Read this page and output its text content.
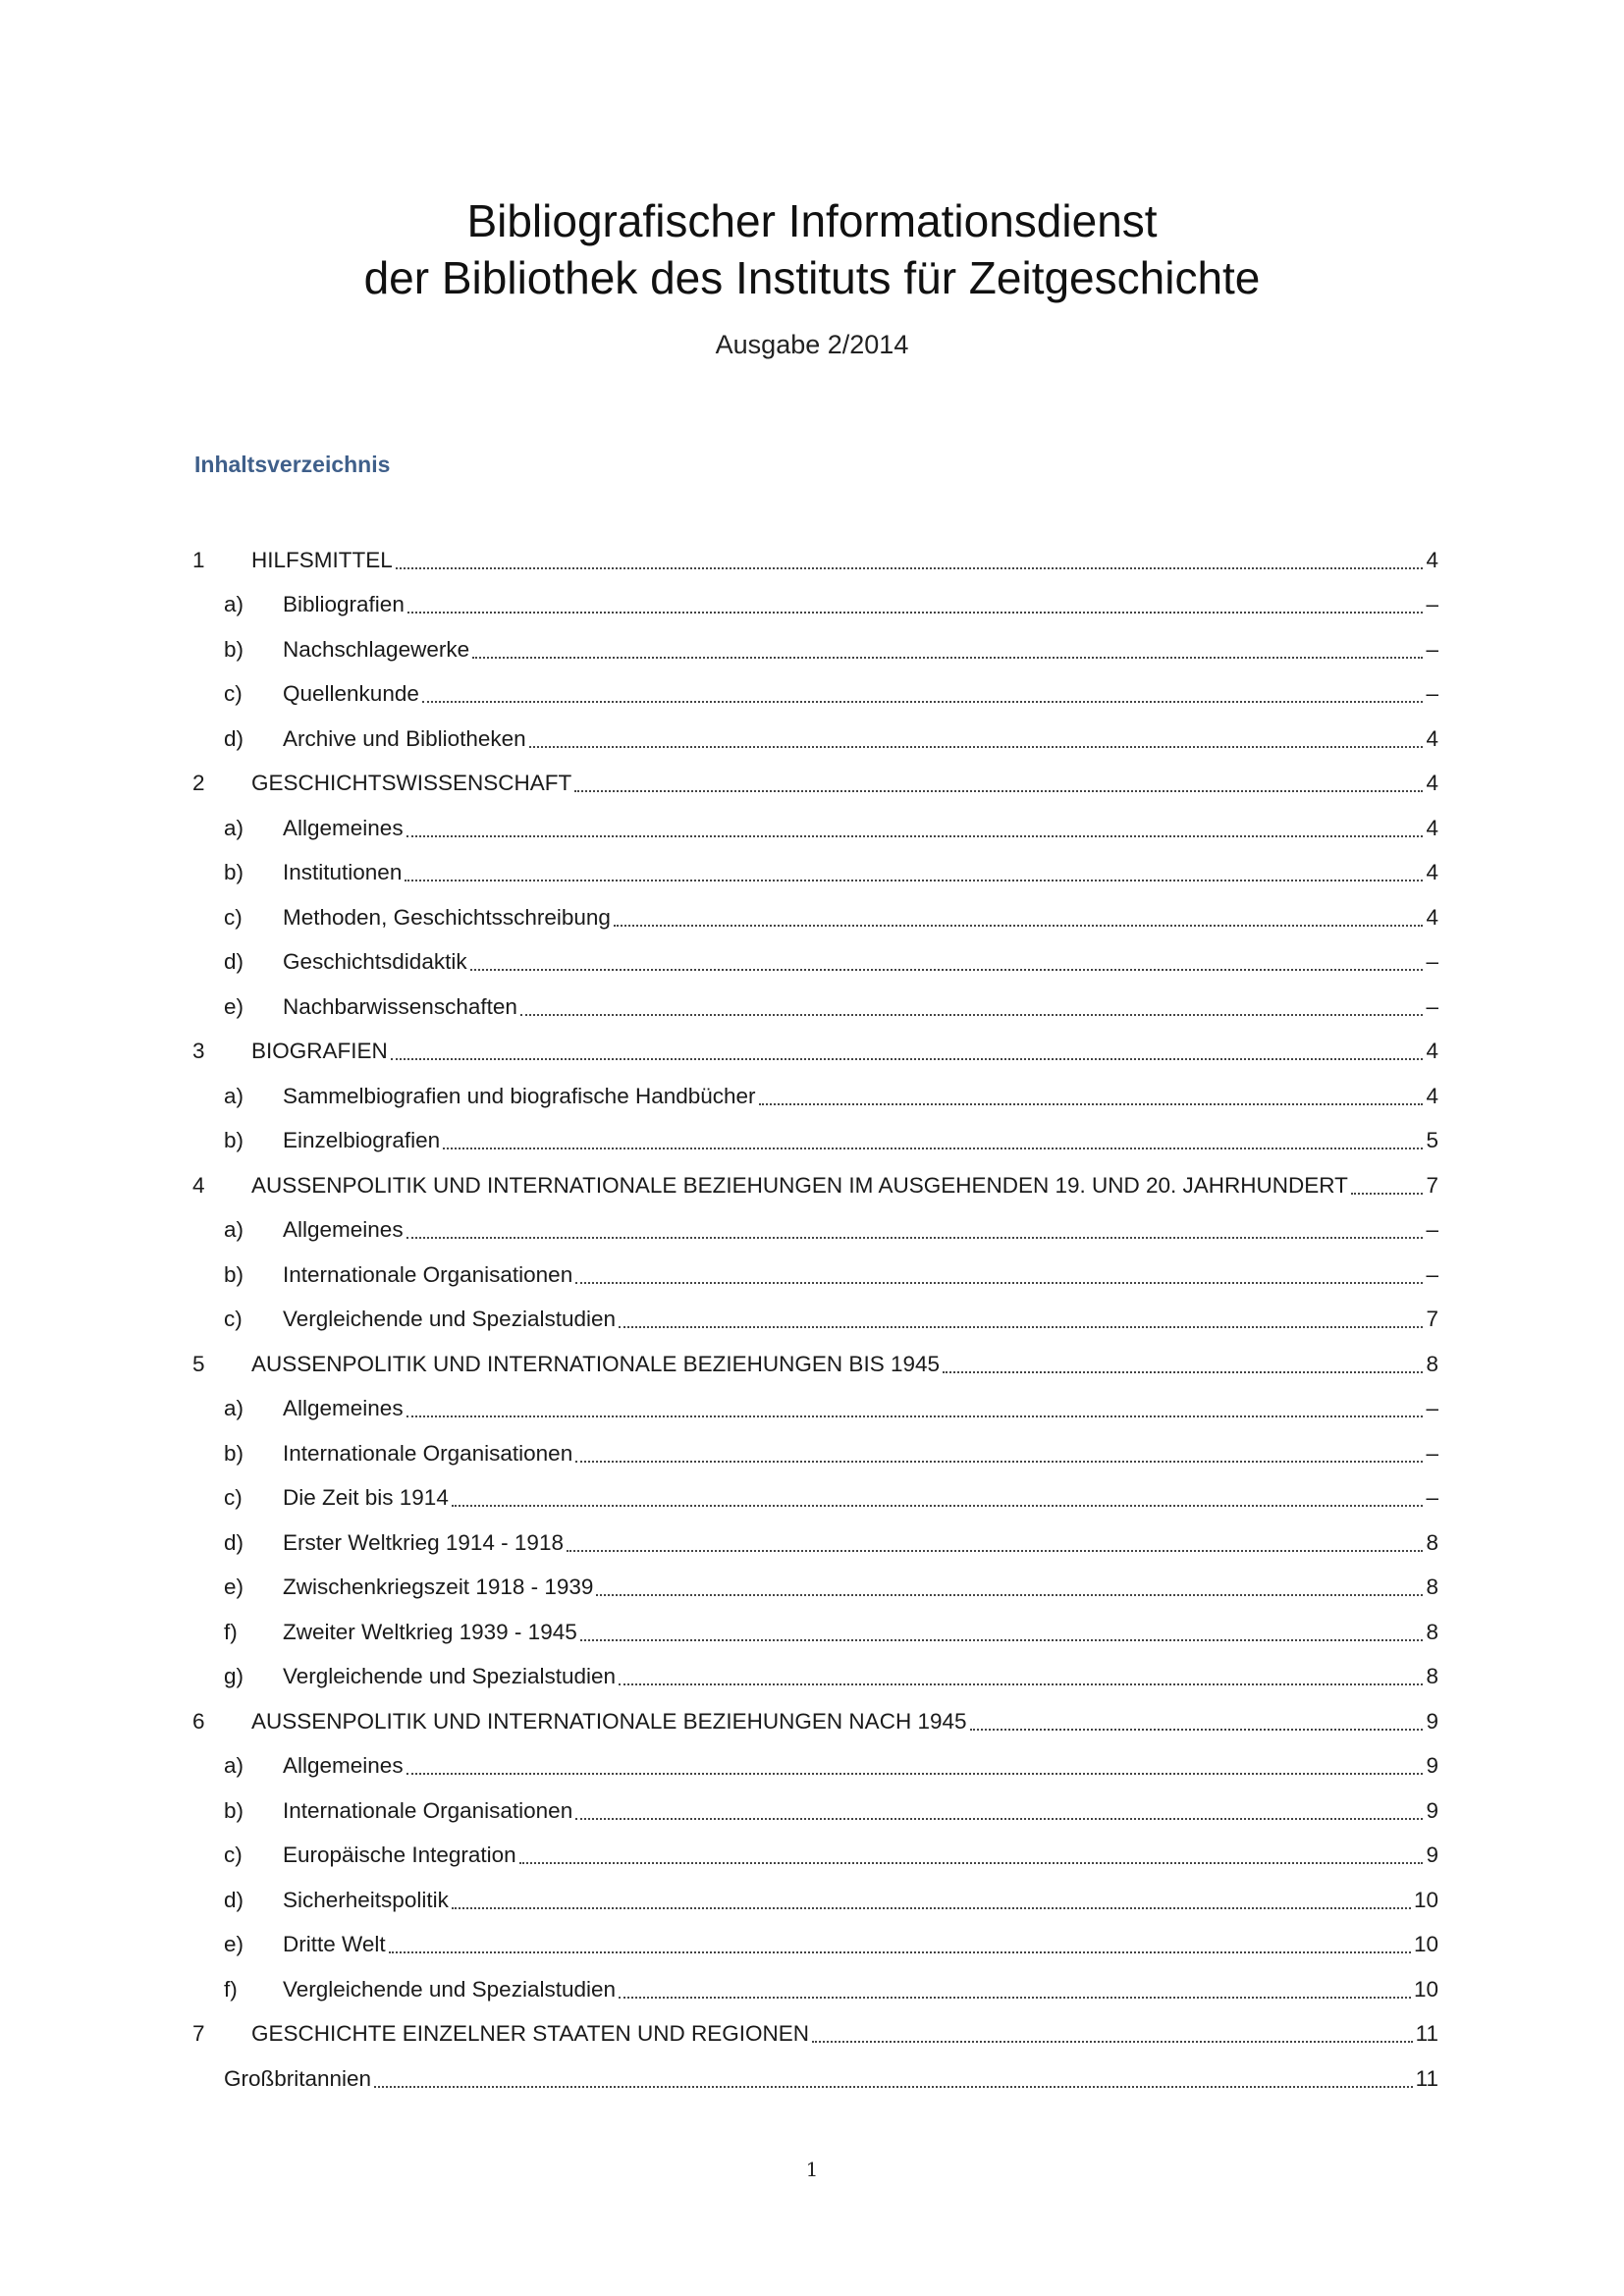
Bibliografischer Informationsdienst
der Bibliothek des Instituts für Zeitgeschichte
Ausgabe 2/2014
Inhaltsverzeichnis
1	HILFSMITTEL	4
a)	Bibliografien	–
b)	Nachschlagewerke	–
c)	Quellenkunde	–
d)	Archive und Bibliotheken	4
2	GESCHICHTSWISSENSCHAFT	4
a)	Allgemeines	4
b)	Institutionen	4
c)	Methoden, Geschichtsschreibung	4
d)	Geschichtsdidaktik	–
e)	Nachbarwissenschaften	–
3	BIOGRAFIEN	4
a)	Sammelbiografien und biografische Handbücher	4
b)	Einzelbiografien	5
4	AUSSENPOLITIK UND INTERNATIONALE BEZIEHUNGEN IM AUSGEHENDEN 19. UND 20. JAHRHUNDERT	7
a)	Allgemeines	–
b)	Internationale Organisationen	–
c)	Vergleichende und Spezialstudien	7
5	AUSSENPOLITIK UND INTERNATIONALE BEZIEHUNGEN BIS 1945	8
a)	Allgemeines	–
b)	Internationale Organisationen	–
c)	Die Zeit bis 1914	–
d)	Erster Weltkrieg 1914 - 1918	8
e)	Zwischenkriegszeit 1918 - 1939	8
f)	Zweiter Weltkrieg 1939 - 1945	8
g)	Vergleichende und Spezialstudien	8
6	AUSSENPOLITIK UND INTERNATIONALE BEZIEHUNGEN NACH 1945	9
a)	Allgemeines	9
b)	Internationale Organisationen	9
c)	Europäische Integration	9
d)	Sicherheitspolitik	10
e)	Dritte Welt	10
f)	Vergleichende und Spezialstudien	10
7	GESCHICHTE EINZELNER STAATEN UND REGIONEN	11
Großbritannien	11
1
